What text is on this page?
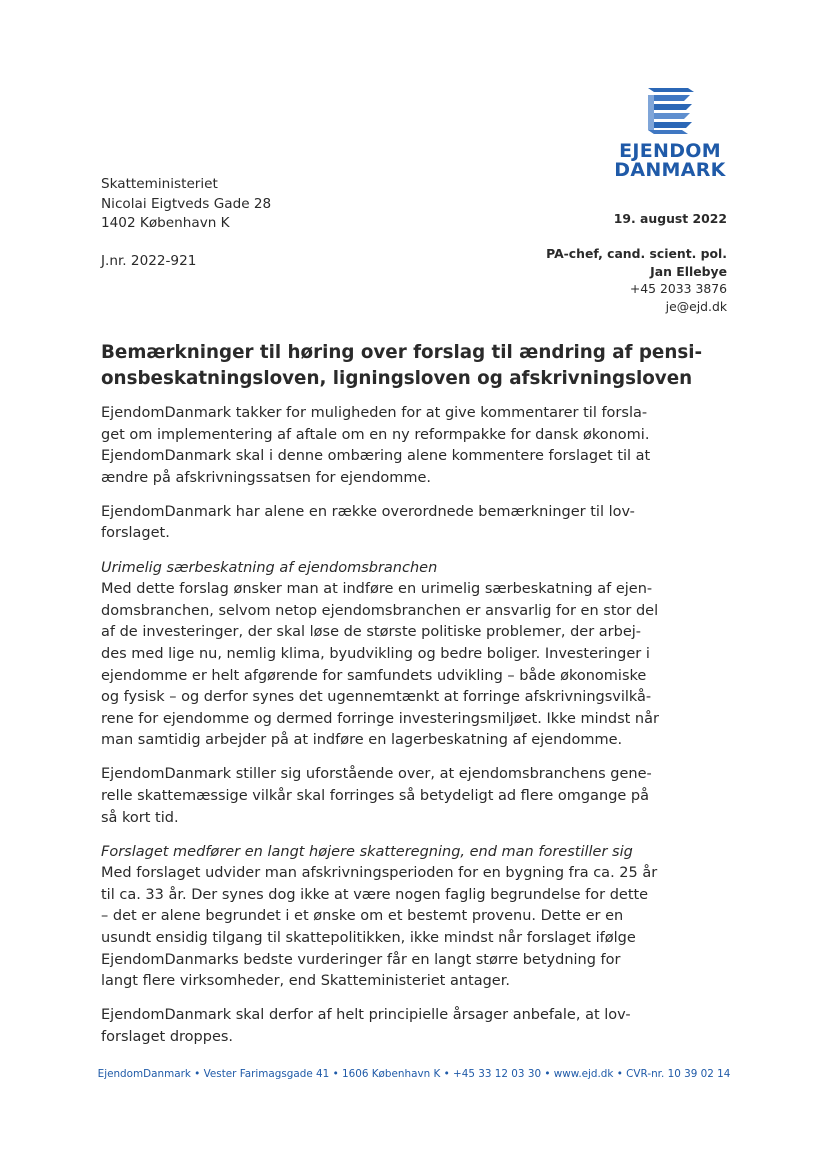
EJENDOM
DANMARK
Skatteministeriet
Nicolai Eigtveds Gade 28
1402 København K
J.nr. 2022-921
19. august 2022
PA-chef, cand. scient. pol.
Jan Ellebye
+45 2033 3876
je@ejd.dk
Bemærkninger til høring over forslag til ændring af pensi-
onsbeskatningsloven, ligningsloven og afskrivningsloven

EjendomDanmark takker for muligheden for at give kommentarer til forsla-
get om implementering af aftale om en ny reformpakke for dansk økonomi.
EjendomDanmark skal i denne ombæring alene kommentere forslaget til at
ændre på afskrivningssatsen for ejendomme.

EjendomDanmark har alene en række overordnede bemærkninger til lov-
forslaget.

Urimelig særbeskatning af ejendomsbranchen
Med dette forslag ønsker man at indføre en urimelig særbeskatning af ejen-
domsbranchen, selvom netop ejendomsbranchen er ansvarlig for en stor del
af de investeringer, der skal løse de største politiske problemer, der arbej-
des med lige nu, nemlig klima, byudvikling og bedre boliger. Investeringer i
ejendomme er helt afgørende for samfundets udvikling – både økonomiske
og fysisk – og derfor synes det ugennemtænkt at forringe afskrivningsvilkå-
rene for ejendomme og dermed forringe investeringsmiljøet. Ikke mindst når
man samtidig arbejder på at indføre en lagerbeskatning af ejendomme.

EjendomDanmark stiller sig uforstående over, at ejendomsbranchens gene-
relle skattemæssige vilkår skal forringes så betydeligt ad flere omgange på
så kort tid.

Forslaget medfører en langt højere skatteregning, end man forestiller sig
Med forslaget udvider man afskrivningsperioden for en bygning fra ca. 25 år
til ca. 33 år. Der synes dog ikke at være nogen faglig begrundelse for dette
– det er alene begrundet i et ønske om et bestemt provenu. Dette er en
usundt ensidig tilgang til skattepolitikken, ikke mindst når forslaget ifølge
EjendomDanmarks bedste vurderinger får en langt større betydning for
langt flere virksomheder, end Skatteministeriet antager.

EjendomDanmark skal derfor af helt principielle årsager anbefale, at lov-
forslaget droppes.

EjendomDanmark • Vester Farimagsgade 41 • 1606 København K • +45 33 12 03 30 • www.ejd.dk • CVR-nr. 10 39 02 14
